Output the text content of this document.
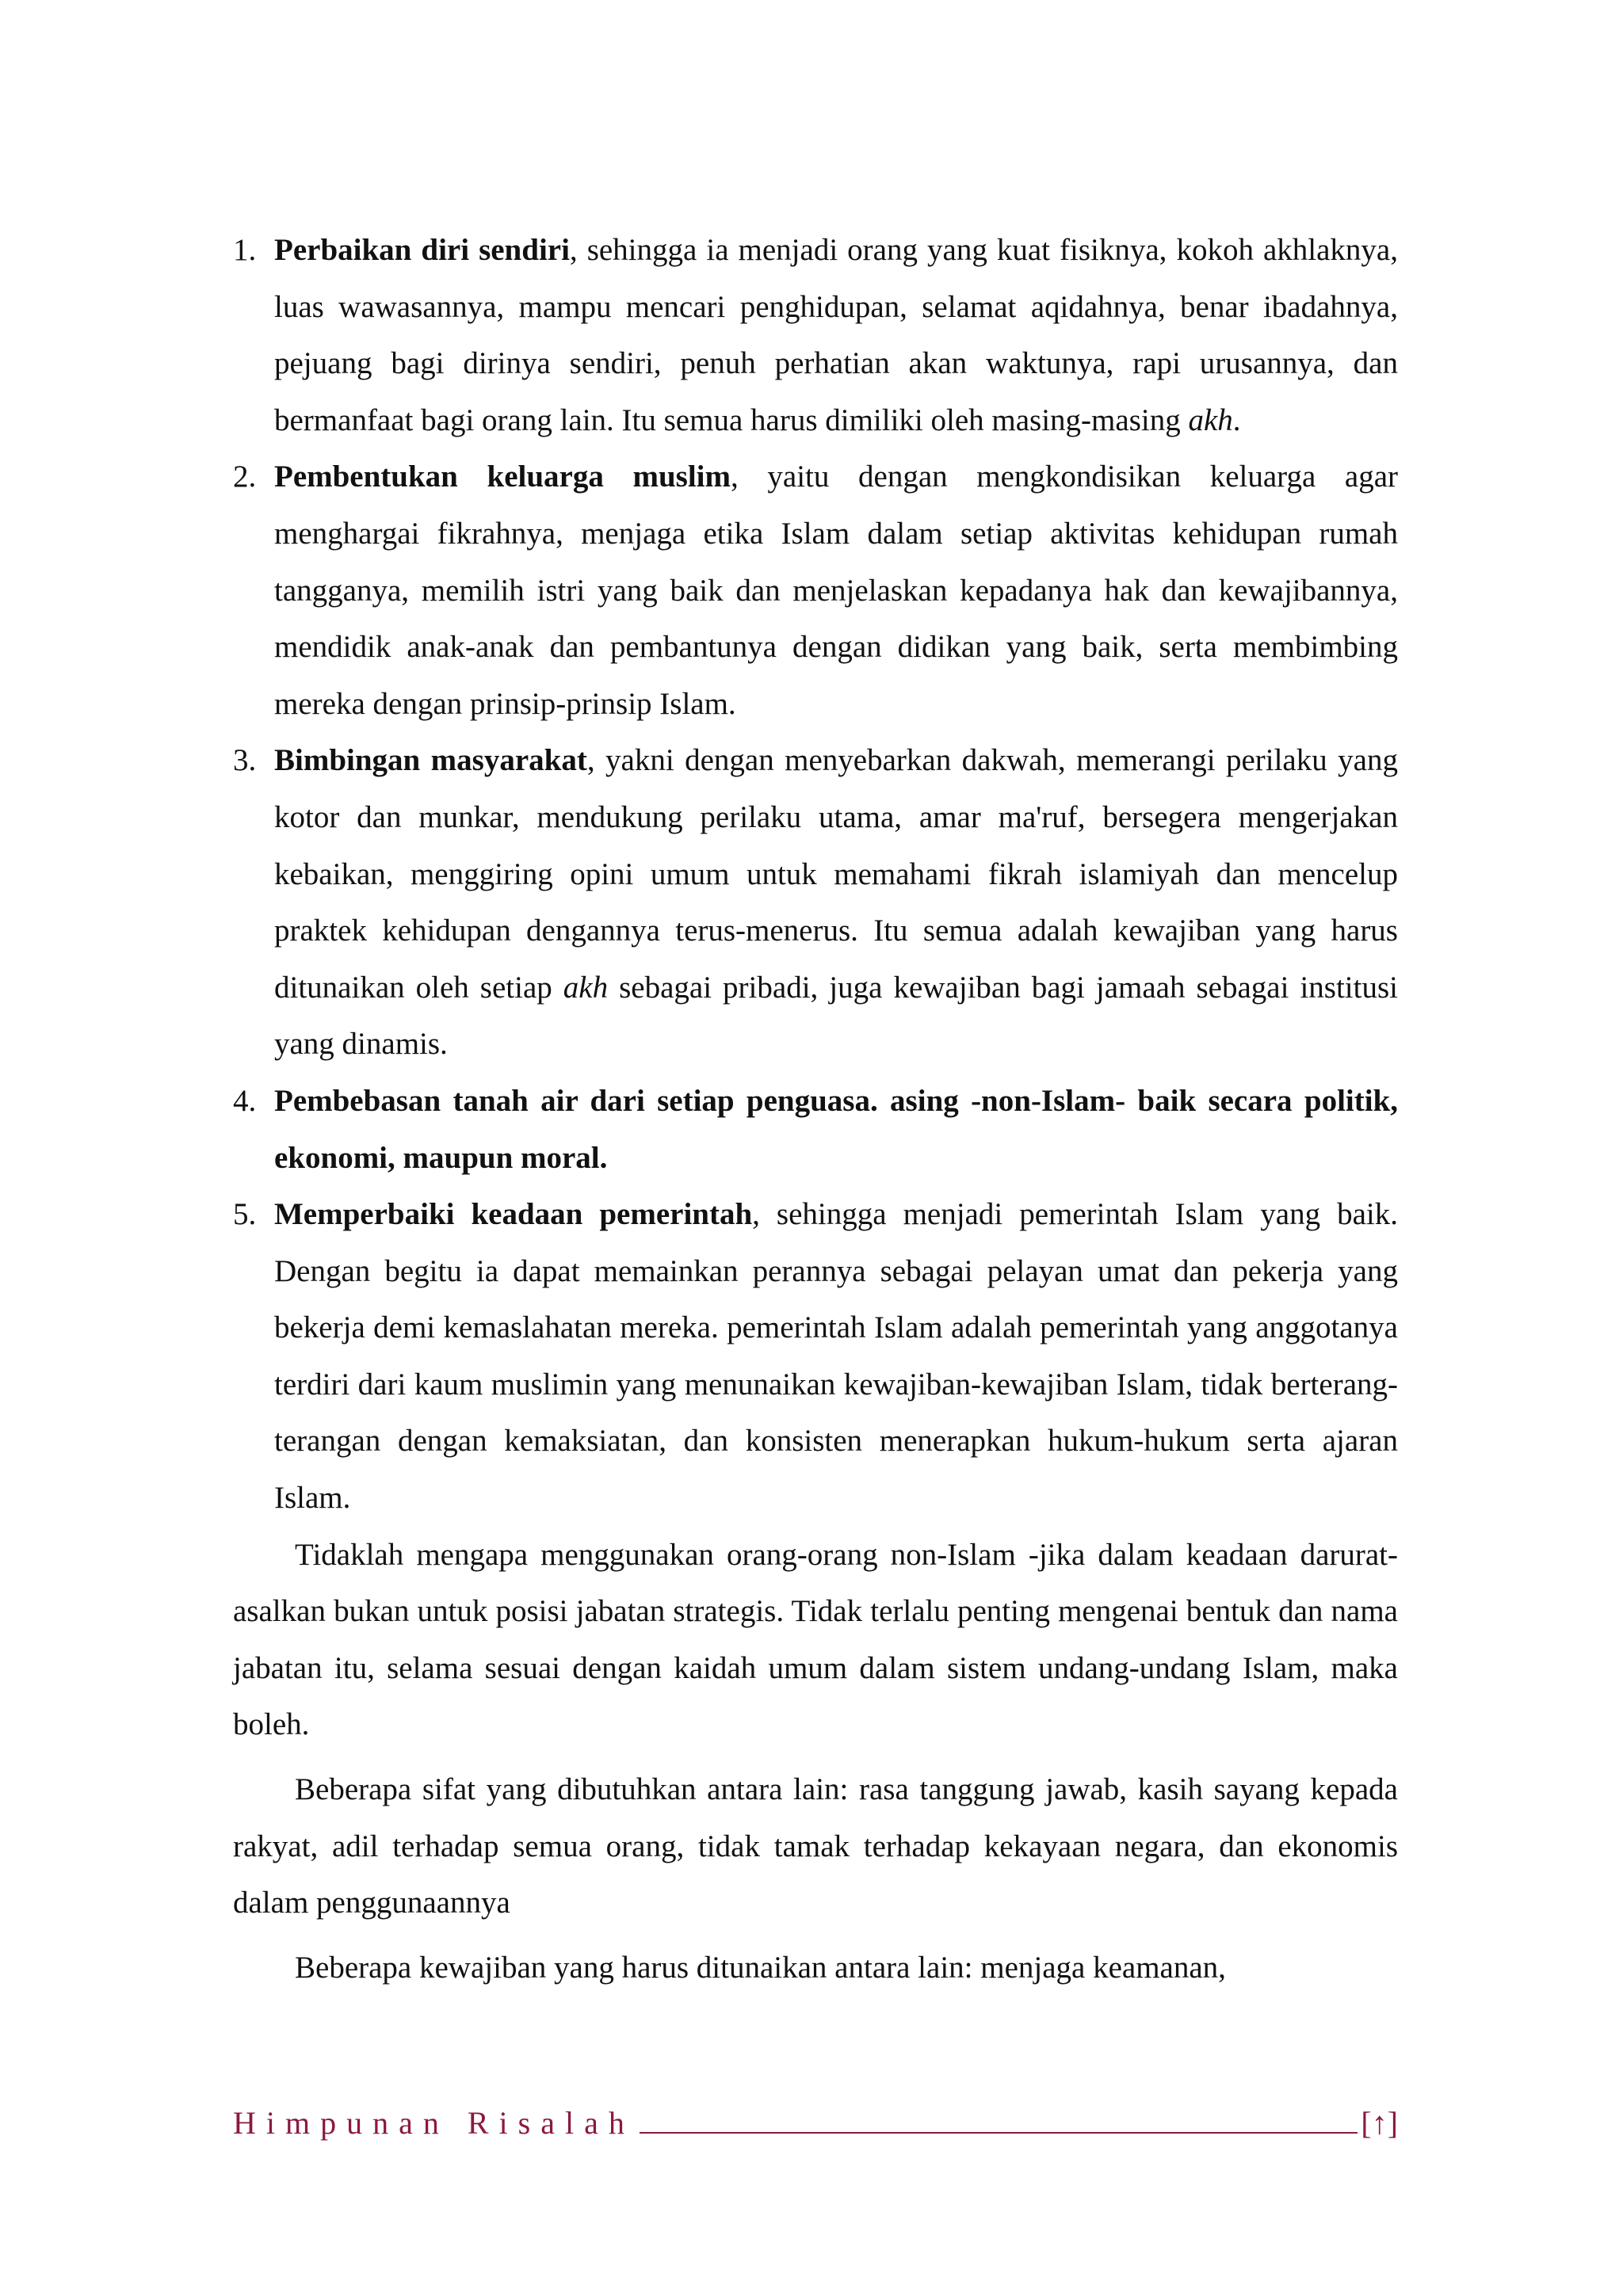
1. Perbaikan diri sendiri, sehingga ia menjadi orang yang kuat fisiknya, kokoh akhlaknya, luas wawasannya, mampu mencari penghidupan, selamat aqidahnya, benar ibadahnya, pejuang bagi dirinya sendiri, penuh perhatian akan waktunya, rapi urusannya, dan bermanfaat bagi orang lain. Itu semua harus dimiliki oleh masing-masing akh.
2. Pembentukan keluarga muslim, yaitu dengan mengkondisikan keluarga agar menghargai fikrahnya, menjaga etika Islam dalam setiap aktivitas kehidupan rumah tangganya, memilih istri yang baik dan menjelaskan kepadanya hak dan kewajibannya, mendidik anak-anak dan pembantunya dengan didikan yang baik, serta membimbing mereka dengan prinsip-prinsip Islam.
3. Bimbingan masyarakat, yakni dengan menyebarkan dakwah, memerangi perilaku yang kotor dan munkar, mendukung perilaku utama, amar ma'ruf, bersegera mengerjakan kebaikan, menggiring opini umum untuk memahami fikrah islamiyah dan mencelup praktek kehidupan dengannya terus-menerus. Itu semua adalah kewajiban yang harus ditunaikan oleh setiap akh sebagai pribadi, juga kewajiban bagi jamaah sebagai institusi yang dinamis.
4. Pembebasan tanah air dari setiap penguasa. asing -non-Islam- baik secara politik, ekonomi, maupun moral.
5. Memperbaiki keadaan pemerintah, sehingga menjadi pemerintah Islam yang baik. Dengan begitu ia dapat memainkan perannya sebagai pelayan umat dan pekerja yang bekerja demi kemaslahatan mereka. pemerintah Islam adalah pemerintah yang anggotanya terdiri dari kaum muslimin yang menunaikan kewajiban-kewajiban Islam, tidak berterang-terangan dengan kemaksiatan, dan konsisten menerapkan hukum-hukum serta ajaran Islam.

Tidaklah mengapa menggunakan orang-orang non-Islam -jika dalam keadaan darurat- asalkan bukan untuk posisi jabatan strategis. Tidak terlalu penting mengenai bentuk dan nama jabatan itu, selama sesuai dengan kaidah umum dalam sistem undang-undang Islam, maka boleh.

Beberapa sifat yang dibutuhkan antara lain: rasa tanggung jawab, kasih sayang kepada rakyat, adil terhadap semua orang, tidak tamak terhadap kekayaan negara, dan ekonomis dalam penggunaannya

Beberapa kewajiban yang harus ditunaikan antara lain: menjaga keamanan,

Himpunan Risalah	[↑]
